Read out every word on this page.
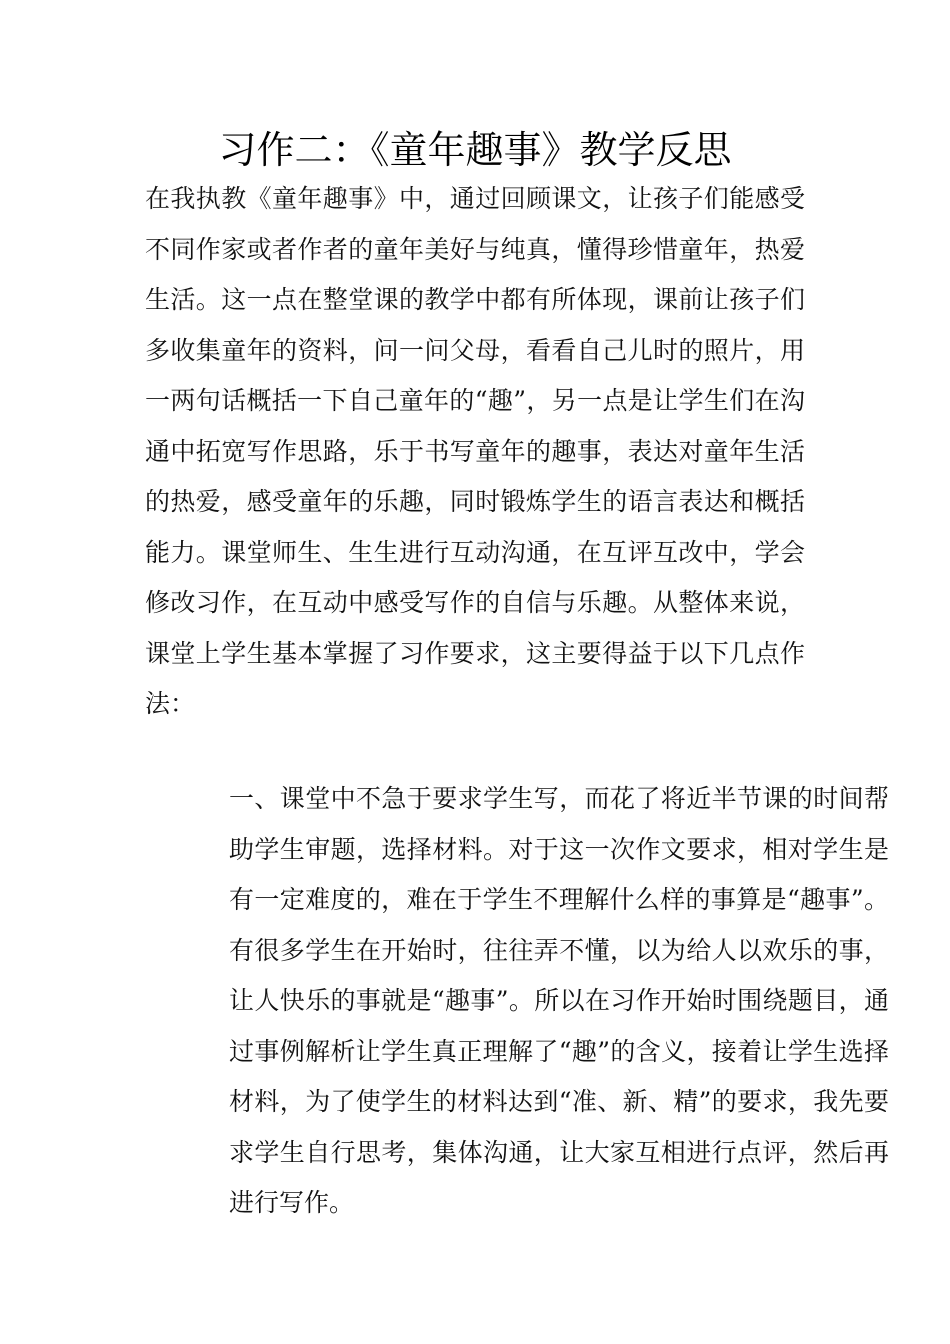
习作二：《童年趣事》教学反思

在我执教《童年趣事》中，通过回顾课文，让孩子们能感受不同作家或者作者的童年美好与纯真，懂得珍惜童年，热爱生活。这一点在整堂课的教学中都有所体现，课前让孩子们多收集童年的资料，问一问父母，看看自己儿时的照片，用一两句话概括一下自己童年的“趣”，另一点是让学生们在沟通中拓宽写作思路，乐于书写童年的趣事，表达对童年生活的热爱，感受童年的乐趣，同时锻炼学生的语言表达和概括能力。课堂师生、生生进行互动沟通，在互评互改中，学会修改习作，在互动中感受写作的自信与乐趣。从整体来说，课堂上学生基本掌握了习作要求，这主要得益于以下几点作法：

一、课堂中不急于要求学生写，而花了将近半节课的时间帮助学生审题，选择材料。对于这一次作文要求，相对学生是有一定难度的，难在于学生不理解什么样的事算是“趣事”。有很多学生在开始时，往往弄不懂，以为给人以欢乐的事，让人快乐的事就是“趣事”。所以在习作开始时围绕题目，通过事例解析让学生真正理解了“趣”的含义，接着让学生选择材料，为了使学生的材料达到“准、新、精”的要求，我先要求学生自行思考，集体沟通，让大家互相进行点评，然后再进行写作。
